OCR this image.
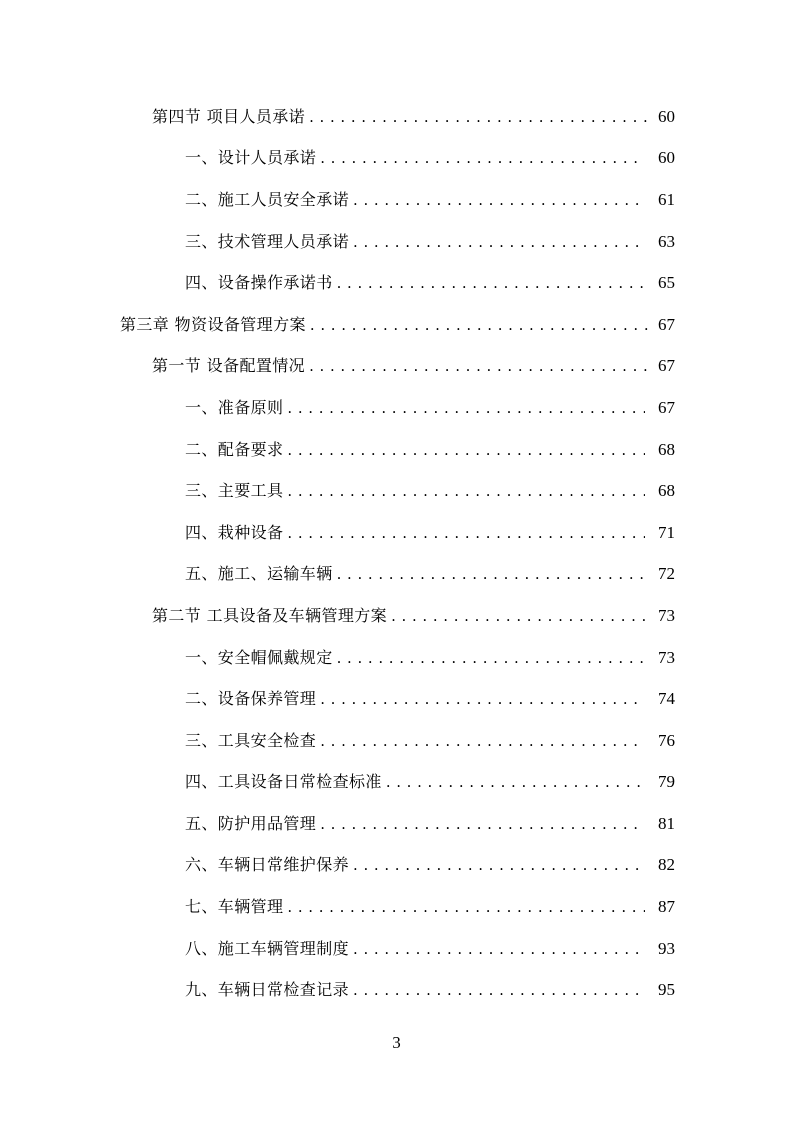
第四节 项目人员承诺 . . .	60
一、设计人员承诺 . . .	60
二、施工人员安全承诺 . . .	61
三、技术管理人员承诺 . . .	63
四、设备操作承诺书 . . .	65
第三章 物资设备管理方案 . . .	67
第一节 设备配置情况 . . .	67
一、准备原则 . . .	67
二、配备要求 . . .	68
三、主要工具 . . .	68
四、栽种设备 . . .	71
五、施工、运输车辆 . . .	72
第二节 工具设备及车辆管理方案 . . .	73
一、安全帽佩戴规定 . . .	73
二、设备保养管理 . . .	74
三、工具安全检查 . . .	76
四、工具设备日常检查标准 . . .	79
五、防护用品管理 . . .	81
六、车辆日常维护保养 . . .	82
七、车辆管理 . . .	87
八、施工车辆管理制度 . . .	93
九、车辆日常检查记录 . . .	95
3
